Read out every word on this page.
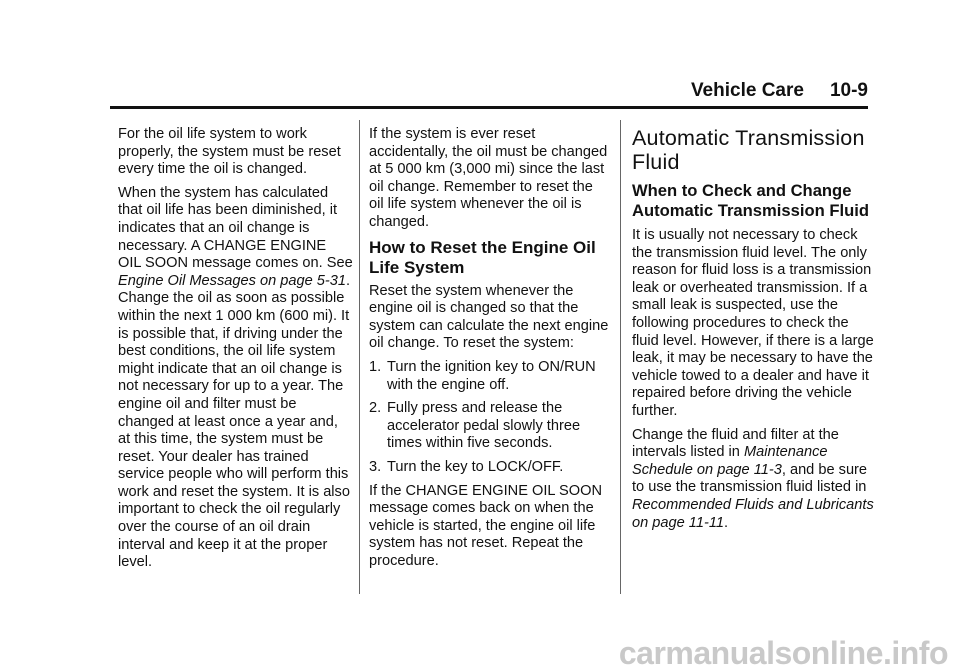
Vehicle Care 10-9

For the oil life system to work properly, the system must be reset every time the oil is changed.

When the system has calculated that oil life has been diminished, it indicates that an oil change is necessary. A CHANGE ENGINE OIL SOON message comes on. See Engine Oil Messages on page 5‑31. Change the oil as soon as possible within the next 1 000 km (600 mi). It is possible that, if driving under the best conditions, the oil life system might indicate that an oil change is not necessary for up to a year. The engine oil and filter must be changed at least once a year and, at this time, the system must be reset. Your dealer has trained service people who will perform this work and reset the system. It is also important to check the oil regularly over the course of an oil drain interval and keep it at the proper level.

If the system is ever reset accidentally, the oil must be changed at 5 000 km (3,000 mi) since the last oil change. Remember to reset the oil life system whenever the oil is changed.

How to Reset the Engine Oil Life System

Reset the system whenever the engine oil is changed so that the system can calculate the next engine oil change. To reset the system:

1. Turn the ignition key to ON/RUN with the engine off.
2. Fully press and release the accelerator pedal slowly three times within five seconds.
3. Turn the key to LOCK/OFF.

If the CHANGE ENGINE OIL SOON message comes back on when the vehicle is started, the engine oil life system has not reset. Repeat the procedure.

Automatic Transmission Fluid
When to Check and Change Automatic Transmission Fluid

It is usually not necessary to check the transmission fluid level. The only reason for fluid loss is a transmission leak or overheated transmission. If a small leak is suspected, use the following procedures to check the fluid level. However, if there is a large leak, it may be necessary to have the vehicle towed to a dealer and have it repaired before driving the vehicle further.

Change the fluid and filter at the intervals listed in Maintenance Schedule on page 11‑3, and be sure to use the transmission fluid listed in Recommended Fluids and Lubricants on page 11‑11.

carmanualsonline.info
